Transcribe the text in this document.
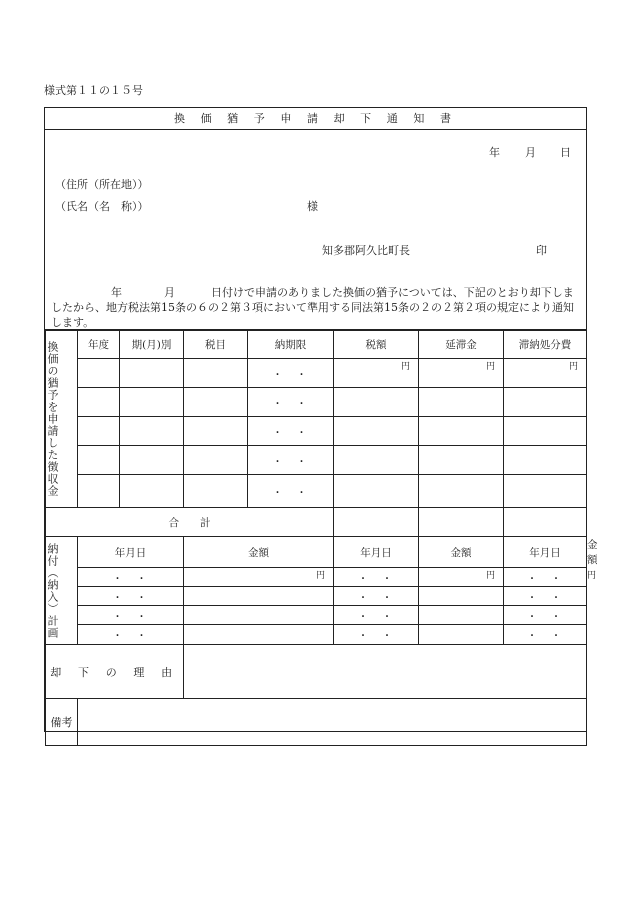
様式第１１の１５号
換 価 猶 予 申 請 却 下 通 知 書
年 月 日
（住所（所在地））
（氏名（名　称））	様
知多郡阿久比町長	印
年	月	日付けで申請のありました換価の猶予については、下記のとおり却下しましたから、地方税法第15条の６の２第３項において準用する同法第15条の２の２第２項の規定により通知します。
換価の猶予を申請した徴収金	年度	期(月)別	税目	納期限	税額	延滞金	滞納処分費	
				・・	円	円	円	
				・・				
				・・				
				・・				
				・・				
合　　計								

納付（納入）計画	年月日		金額		年月日	金額	年月日	金額
	・・		円		・・	円	・・	円
	・・				・・		・・	
	・・				・・		・・	
	・・				・・		・・	
却 下 の 理 由								
備考								
